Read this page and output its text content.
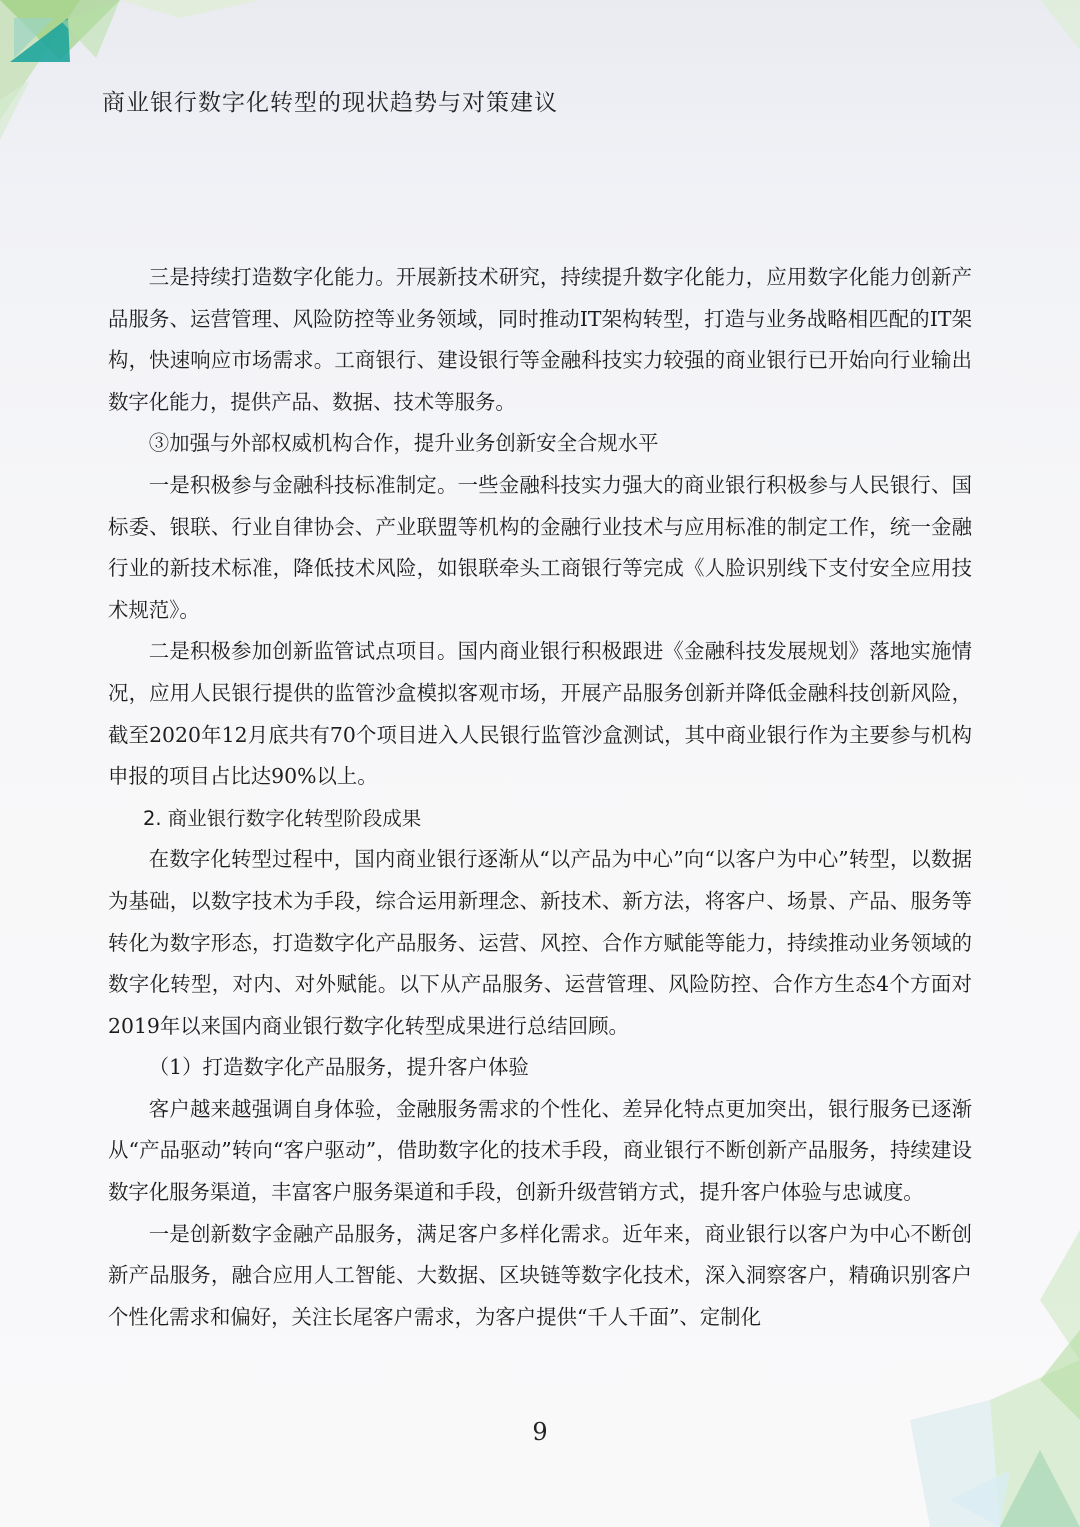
商业银行数字化转型的现状趋势与对策建议

三是持续打造数字化能力。开展新技术研究，持续提升数字化能力，应用数字化能力创新产品服务、运营管理、风险防控等业务领域，同时推动IT架构转型，打造与业务战略相匹配的IT架构，快速响应市场需求。工商银行、建设银行等金融科技实力较强的商业银行已开始向行业输出数字化能力，提供产品、数据、技术等服务。

③加强与外部权威机构合作，提升业务创新安全合规水平

一是积极参与金融科技标准制定。一些金融科技实力强大的商业银行积极参与人民银行、国标委、银联、行业自律协会、产业联盟等机构的金融行业技术与应用标准的制定工作，统一金融行业的新技术标准，降低技术风险，如银联牵头工商银行等完成《人脸识别线下支付安全应用技术规范》。

二是积极参加创新监管试点项目。国内商业银行积极跟进《金融科技发展规划》落地实施情况，应用人民银行提供的监管沙盒模拟客观市场，开展产品服务创新并降低金融科技创新风险，截至2020年12月底共有70个项目进入人民银行监管沙盒测试，其中商业银行作为主要参与机构申报的项目占比达90%以上。

2. 商业银行数字化转型阶段成果

在数字化转型过程中，国内商业银行逐渐从“以产品为中心”向“以客户为中心”转型，以数据为基础，以数字技术为手段，综合运用新理念、新技术、新方法，将客户、场景、产品、服务等转化为数字形态，打造数字化产品服务、运营、风控、合作方赋能等能力，持续推动业务领域的数字化转型，对内、对外赋能。以下从产品服务、运营管理、风险防控、合作方生态4个方面对2019年以来国内商业银行数字化转型成果进行总结回顾。

（1）打造数字化产品服务，提升客户体验

客户越来越强调自身体验，金融服务需求的个性化、差异化特点更加突出，银行服务已逐渐从“产品驱动”转向“客户驱动”，借助数字化的技术手段，商业银行不断创新产品服务，持续建设数字化服务渠道，丰富客户服务渠道和手段，创新升级营销方式，提升客户体验与忠诚度。

一是创新数字金融产品服务，满足客户多样化需求。近年来，商业银行以客户为中心不断创新产品服务，融合应用人工智能、大数据、区块链等数字化技术，深入洞察客户，精确识别客户个性化需求和偏好，关注长尾客户需求，为客户提供“千人千面”、定制化

9
